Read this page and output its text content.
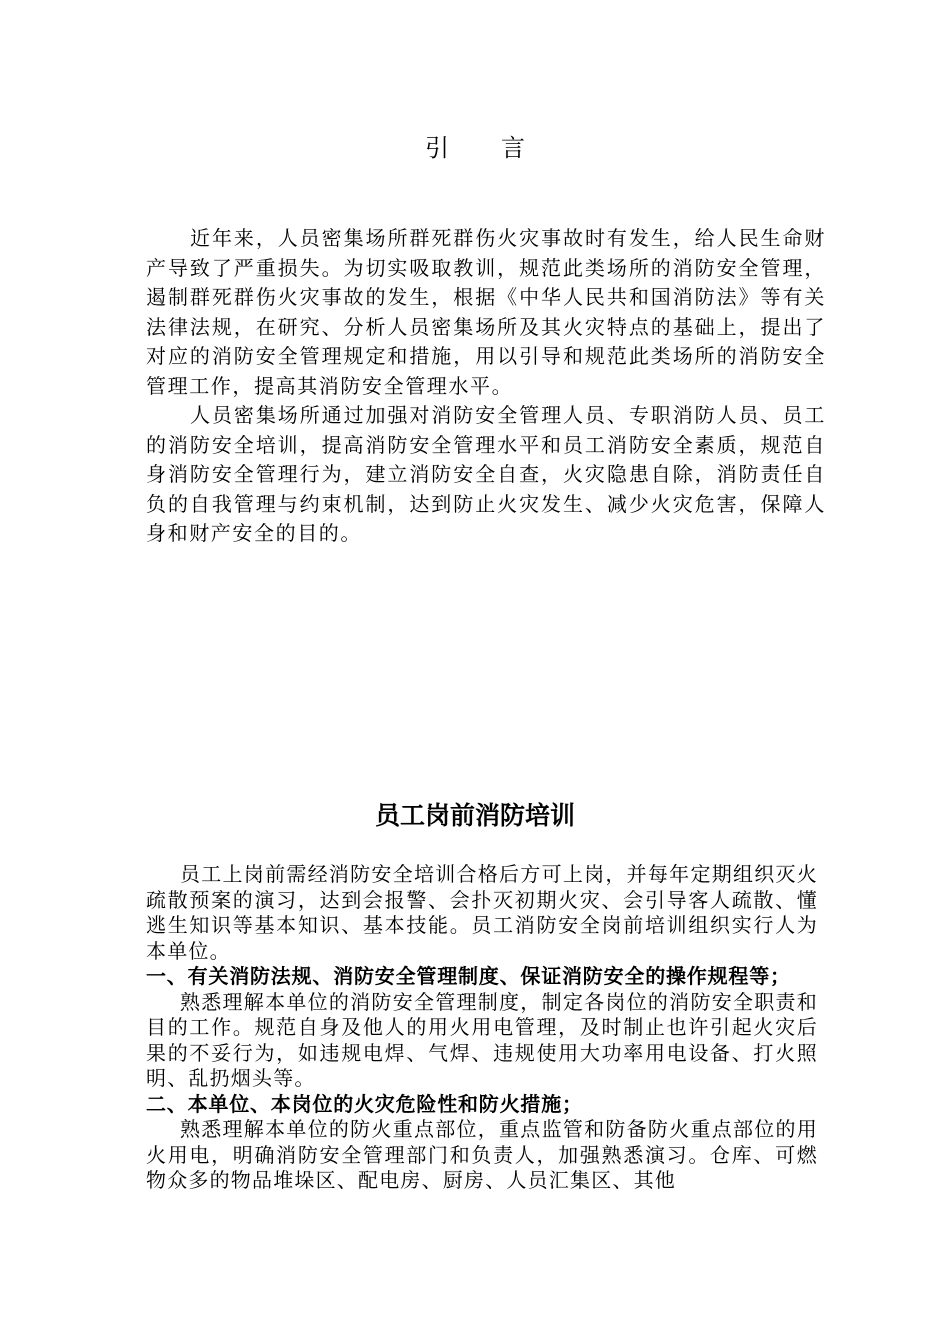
引言

近年来，人员密集场所群死群伤火灾事故时有发生，给人民生命财产导致了严重损失。为切实吸取教训，规范此类场所的消防安全管理，遏制群死群伤火灾事故的发生，根据《中华人民共和国消防法》等有关法律法规，在研究、分析人员密集场所及其火灾特点的基础上，提出了对应的消防安全管理规定和措施，用以引导和规范此类场所的消防安全管理工作，提高其消防安全管理水平。

人员密集场所通过加强对消防安全管理人员、专职消防人员、员工的消防安全培训，提高消防安全管理水平和员工消防安全素质，规范自身消防安全管理行为，建立消防安全自查，火灾隐患自除，消防责任自负的自我管理与约束机制，达到防止火灾发生、减少火灾危害，保障人身和财产安全的目的。

员工岗前消防培训

员工上岗前需经消防安全培训合格后方可上岗，并每年定期组织灭火疏散预案的演习，达到会报警、会扑灭初期火灾、会引导客人疏散、懂逃生知识等基本知识、基本技能。员工消防安全岗前培训组织实行人为本单位。

一、有关消防法规、消防安全管理制度、保证消防安全的操作规程等；

熟悉理解本单位的消防安全管理制度，制定各岗位的消防安全职责和目的工作。规范自身及他人的用火用电管理，及时制止也许引起火灾后果的不妥行为，如违规电焊、气焊、违规使用大功率用电设备、打火照明、乱扔烟头等。

二、本单位、本岗位的火灾危险性和防火措施；

熟悉理解本单位的防火重点部位，重点监管和防备防火重点部位的用火用电，明确消防安全管理部门和负责人，加强熟悉演习。仓库、可燃物众多的物品堆垛区、配电房、厨房、人员汇集区、其他
